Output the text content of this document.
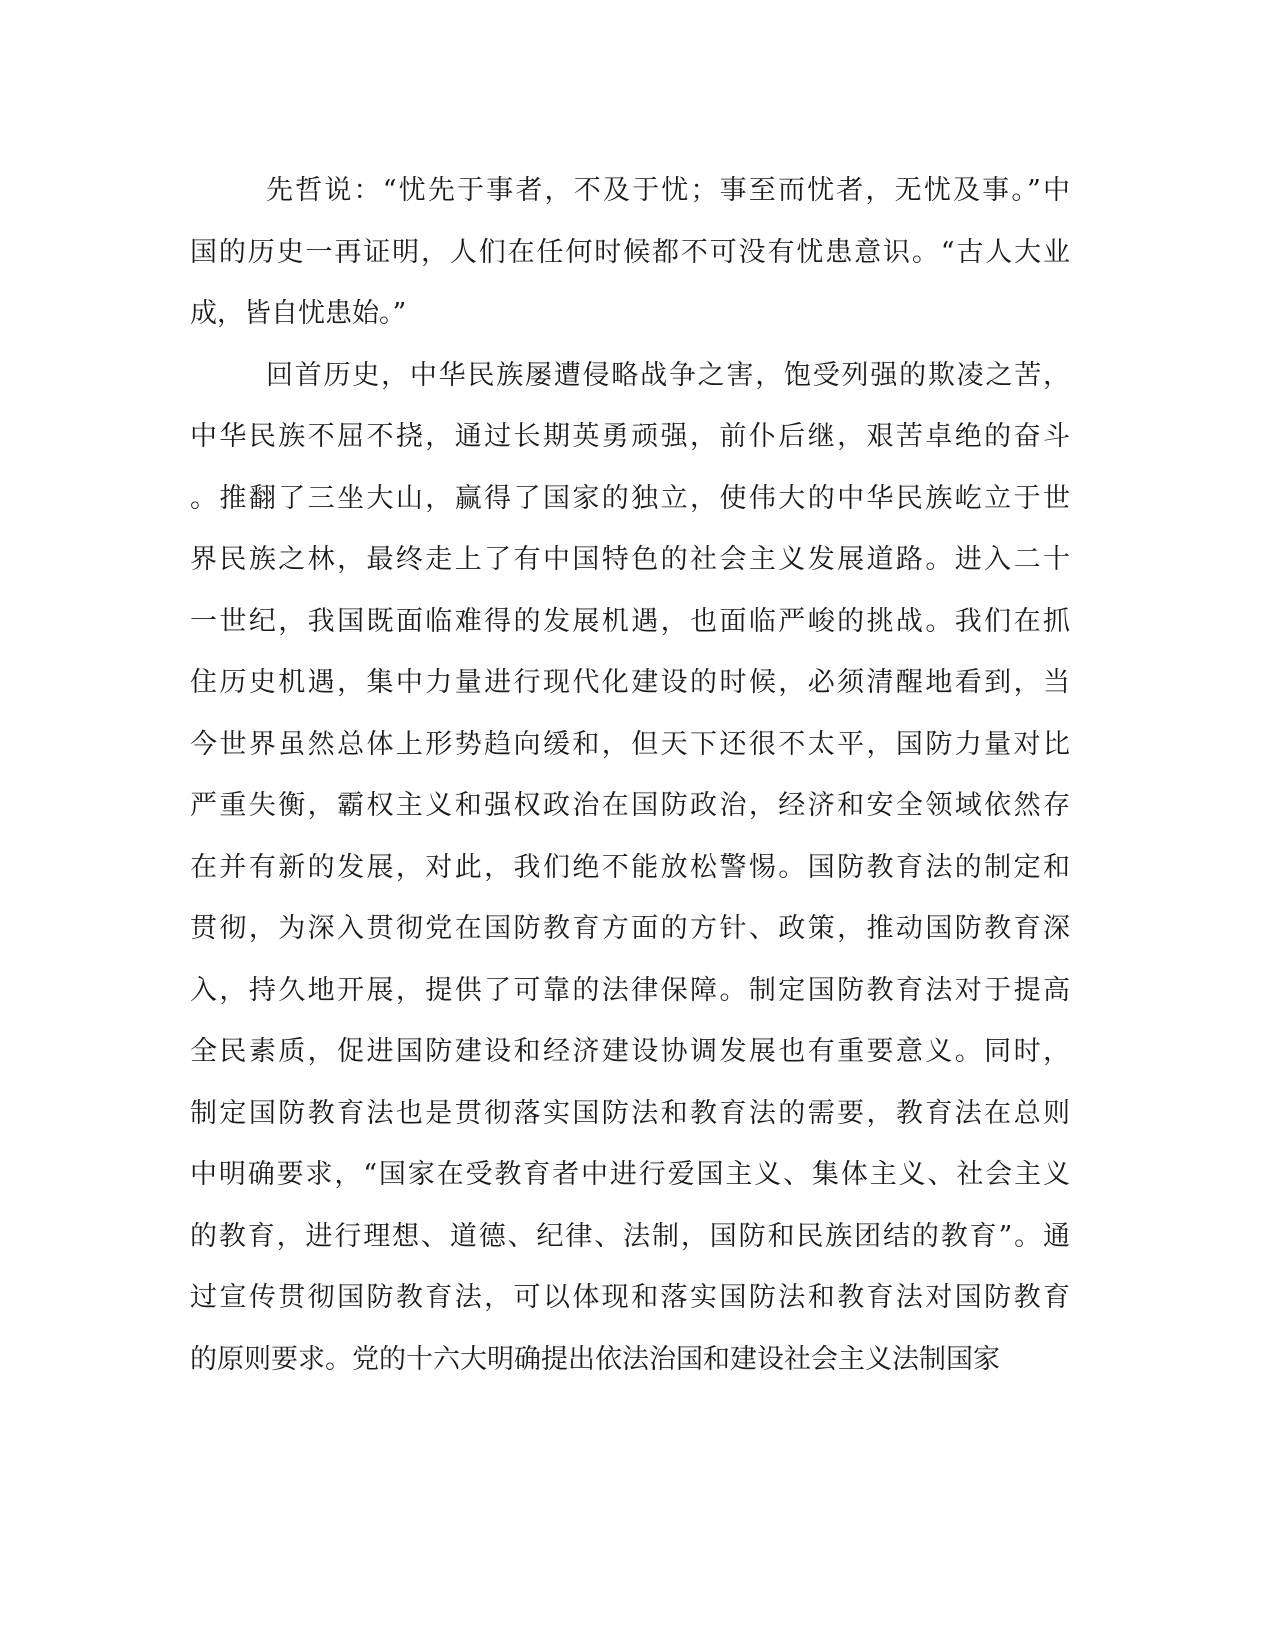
先哲说：“忧先于事者，不及于忧；事至而忧者，无忧及事。”中
国的历史一再证明，人们在任何时候都不可没有忧患意识。“古人大业
成，皆自忧患始。”
回首历史，中华民族屡遭侵略战争之害，饱受列强的欺凌之苦，
中华民族不屈不挠，通过长期英勇顽强，前仆后继，艰苦卓绝的奋斗
。推翻了三坐大山，赢得了国家的独立，使伟大的中华民族屹立于世
界民族之林，最终走上了有中国特色的社会主义发展道路。进入二十
一世纪，我国既面临难得的发展机遇，也面临严峻的挑战。我们在抓
住历史机遇，集中力量进行现代化建设的时候，必须清醒地看到，当
今世界虽然总体上形势趋向缓和，但天下还很不太平，国防力量对比
严重失衡，霸权主义和强权政治在国防政治，经济和安全领域依然存
在并有新的发展，对此，我们绝不能放松警惕。国防教育法的制定和
贯彻，为深入贯彻党在国防教育方面的方针、政策，推动国防教育深
入，持久地开展，提供了可靠的法律保障。制定国防教育法对于提高
全民素质，促进国防建设和经济建设协调发展也有重要意义。同时，
制定国防教育法也是贯彻落实国防法和教育法的需要，教育法在总则
中明确要求，“国家在受教育者中进行爱国主义、集体主义、社会主义
的教育，进行理想、道德、纪律、法制，国防和民族团结的教育”。通
过宣传贯彻国防教育法，可以体现和落实国防法和教育法对国防教育
的原则要求。党的十六大明确提出依法治国和建设社会主义法制国家
